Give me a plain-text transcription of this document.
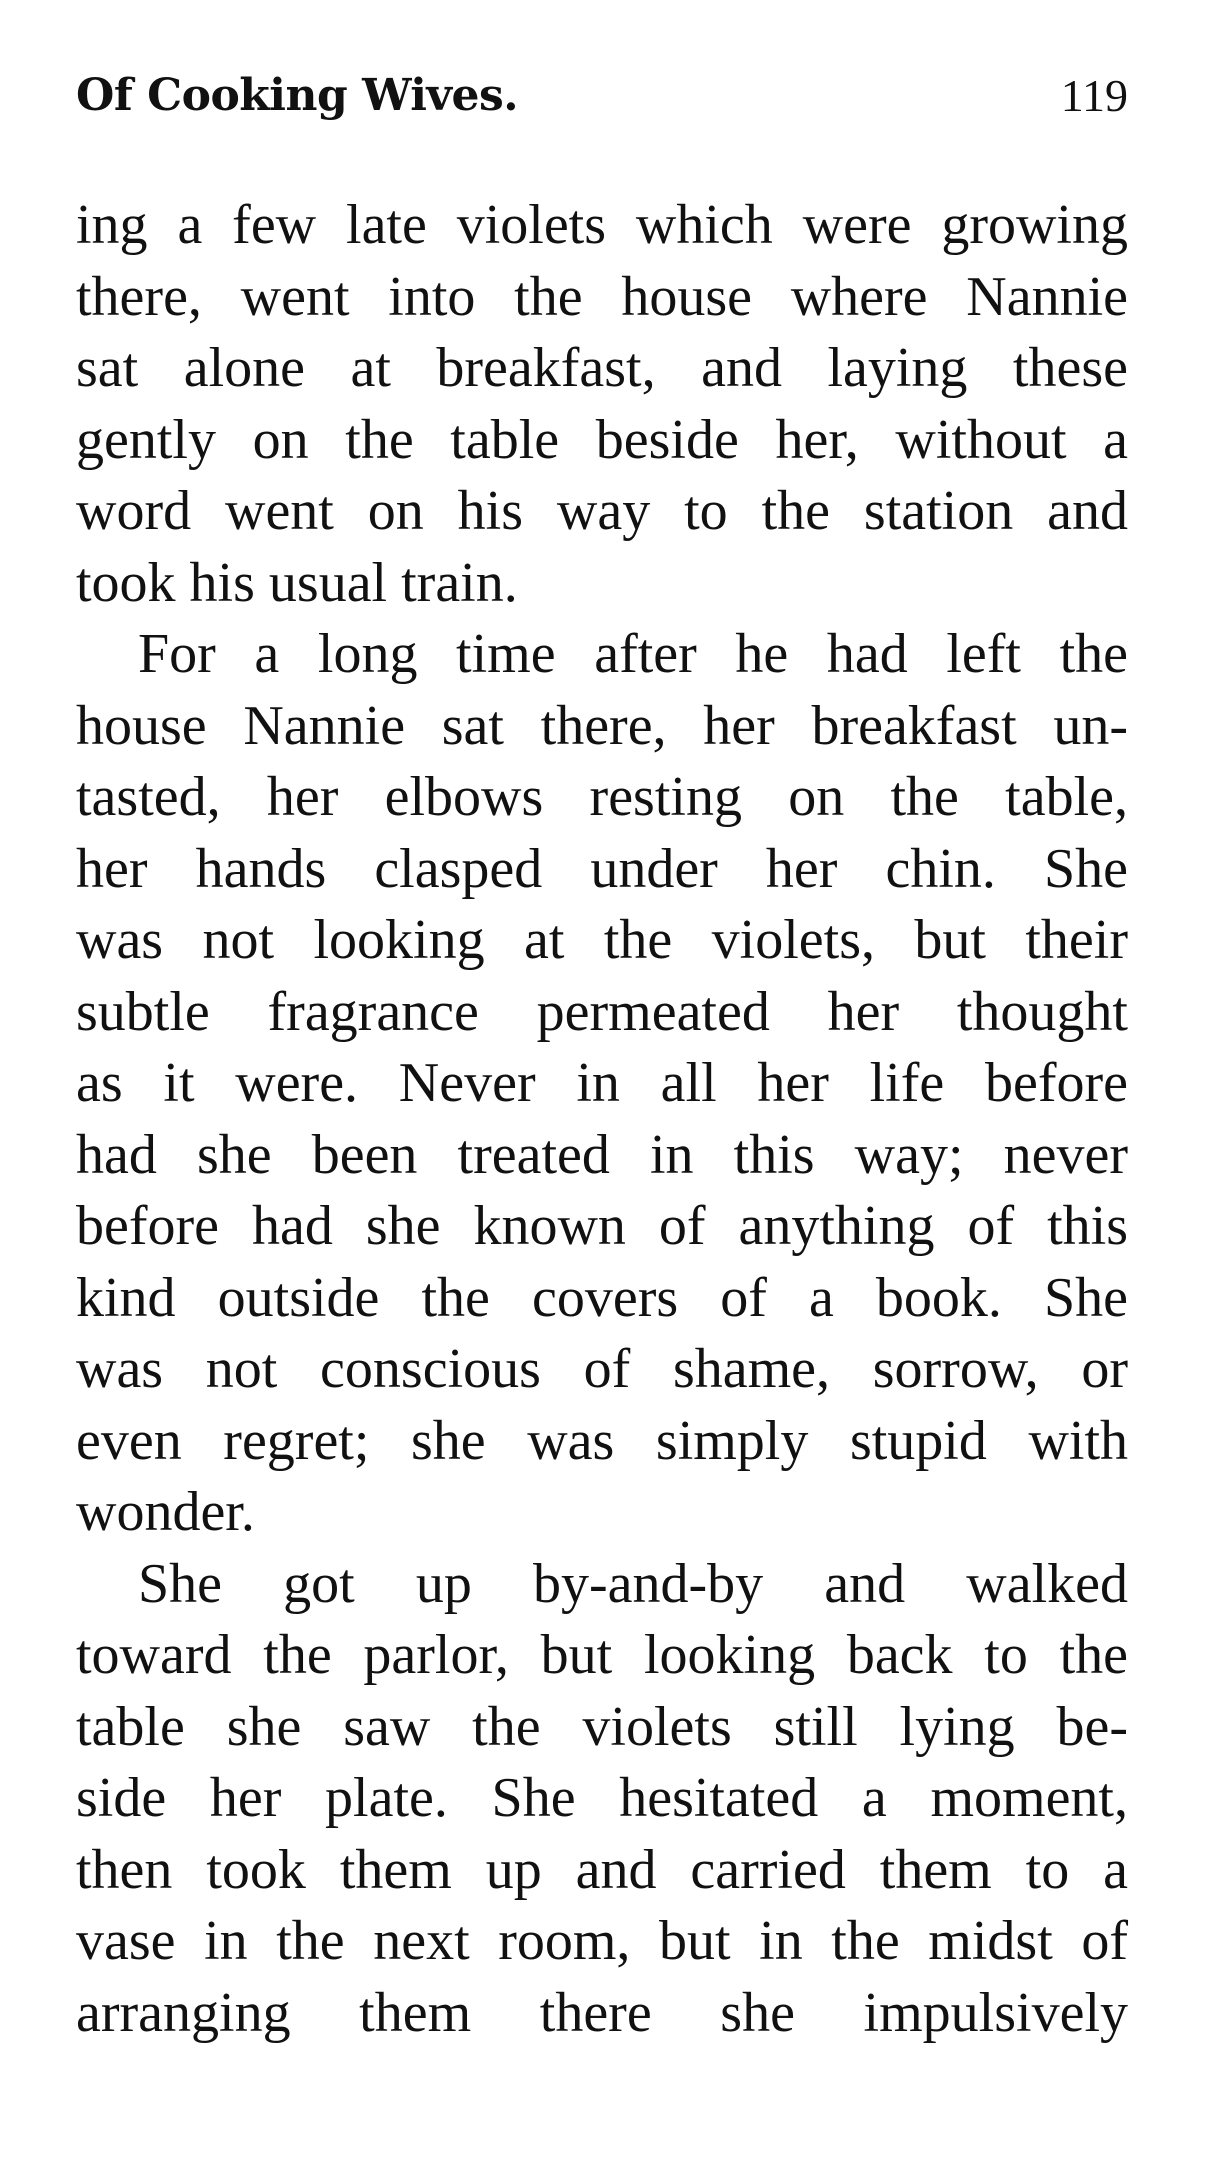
Of Cooking Wives.	119
ing a few late violets which were growing
there, went into the house where Nannie
sat alone at breakfast, and laying these
gently on the table beside her, without a
word went on his way to the station and
took his usual train.
For a long time after he had left the
house Nannie sat there, her breakfast un-
tasted, her elbows resting on the table,
her hands clasped under her chin. She
was not looking at the violets, but their
subtle fragrance permeated her thought
as it were. Never in all her life before
had she been treated in this way; never
before had she known of anything of this
kind outside the covers of a book. She
was not conscious of shame, sorrow, or
even regret; she was simply stupid with
wonder.
She got up by-and-by and walked
toward the parlor, but looking back to the
table she saw the violets still lying be-
side her plate. She hesitated a moment,
then took them up and carried them to a
vase in the next room, but in the midst of
arranging them there she impulsively
